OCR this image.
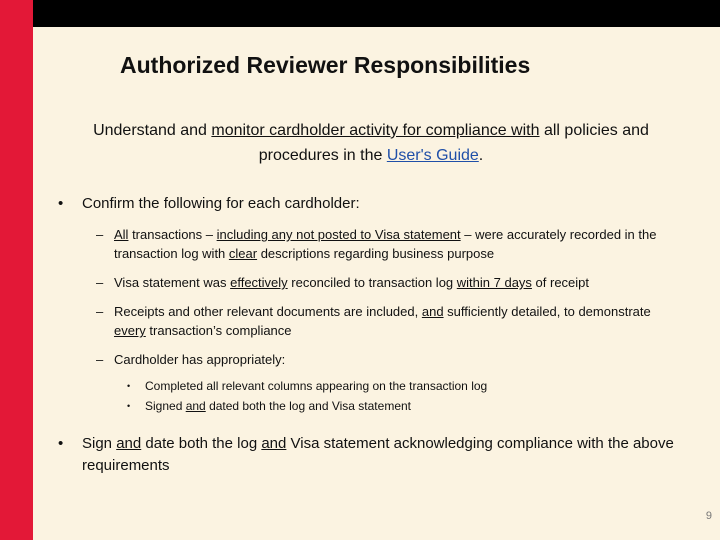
Authorized Reviewer Responsibilities
Understand and monitor cardholder activity for compliance with all policies and procedures in the User's Guide.
• Confirm the following for each cardholder:
– All transactions – including any not posted to Visa statement – were accurately recorded in the transaction log with clear descriptions regarding business purpose
– Visa statement was effectively reconciled to transaction log within 7 days of receipt
– Receipts and other relevant documents are included, and sufficiently detailed, to demonstrate every transaction’s compliance
– Cardholder has appropriately:
• Completed all relevant columns appearing on the transaction log
• Signed and dated both the log and Visa statement
• Sign and date both the log and Visa statement acknowledging compliance with the above requirements
9
